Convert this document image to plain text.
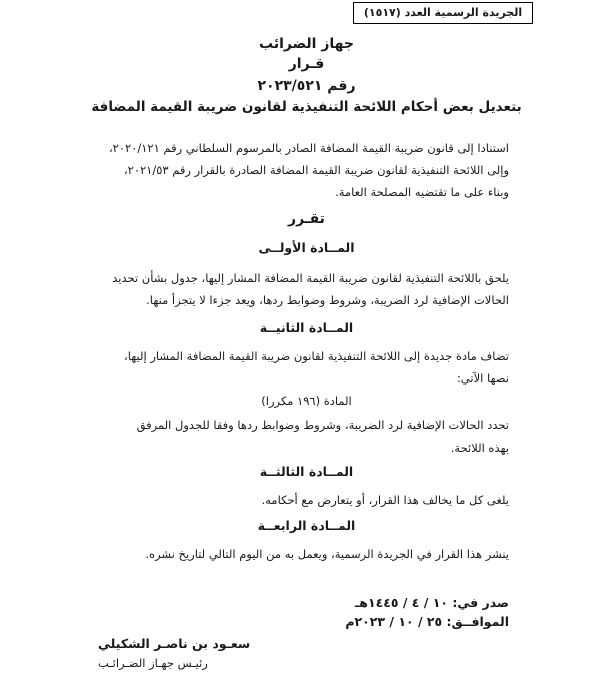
الجريدة الرسمية العدد (١٥١٧)
جهاز الضرائب
قـرار
رقم ٢٠٢٣/٥٢١
بتعديل بعض أحكام اللائحة التنفيذية لقانون ضريبة القيمة المضافة
استنادا إلى قانون ضريبة القيمة المضافة الصادر بالمرسوم السلطاني رقم ٢٠٢٠/١٢١،
وإلى اللائحة التنفيذية لقانون ضريبة القيمة المضافة الصادرة بالقرار رقم ٢٠٢١/٥٣،
وبناء على ما تقتضيه المصلحة العامة.
تقـرر
المــادة الأولــى
يلحق باللائحة التنفيذية لقانون ضريبة القيمة المضافة المشار إليها، جدول بشأن تحديد
الحالات الإضافية لرد الضريبة، وشروط وضوابط ردها، ويعد جزءا لا يتجزأ منها.
المــادة الثانيــة
تضاف مادة جديدة إلى اللائحة التنفيذية لقانون ضريبة القيمة المضافة المشار إليها،
نصها الآتي:
المادة (١٩٦ مكررا)
تحدد الحالات الإضافية لرد الضريبة، وشروط وضوابط ردها وفقا للجدول المرفق
بهذه اللائحة.
المــادة الثالثــة
يلغى كل ما يخالف هذا القرار، أو يتعارض مع أحكامه.
المــادة الرابعــة
ينشر هذا القرار في الجريدة الرسمية، ويعمل به من اليوم التالي لتاريخ نشره.
صدر في: ١٠ / ٤ / ١٤٤٥هـ
الموافــق: ٢٥ / ١٠ / ٢٠٢٣م
سعـود بن ناصـر الشكيلي
رئيـس جهـاز الضـرائـب
